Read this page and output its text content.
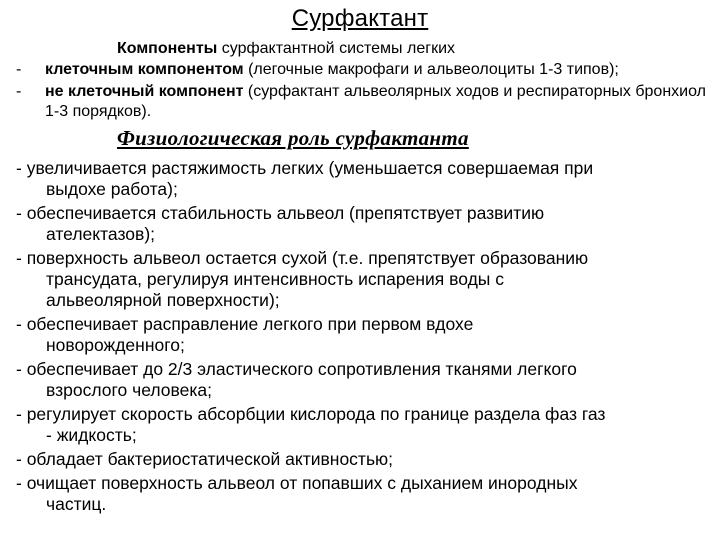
Сурфактант
Компоненты сурфактантной системы легких
- клеточным компонентом (легочные макрофаги и альвеолоциты 1-3 типов);
- не клеточный компонент (сурфактант альвеолярных ходов и респираторных бронхиол 1-3 порядков).
Физиологическая роль сурфактанта
- увеличивается растяжимость легких (уменьшается совершаемая при
выдохе работа);
- обеспечивается стабильность альвеол (препятствует развитию
ателектазов);
- поверхность альвеол остается сухой (т.е. препятствует образованию
трансудата, регулируя интенсивность испарения воды с
альвеолярной поверхности);
- обеспечивает расправление легкого при первом вдохе
новорожденного;
- обеспечивает до 2/3 эластического сопротивления тканями легкого
взрослого человека;
- регулирует скорость абсорбции кислорода по границе раздела фаз газ
- жидкость;
- обладает бактериостатической активностью;
- очищает поверхность альвеол от попавших с дыханием инородных
частиц.
